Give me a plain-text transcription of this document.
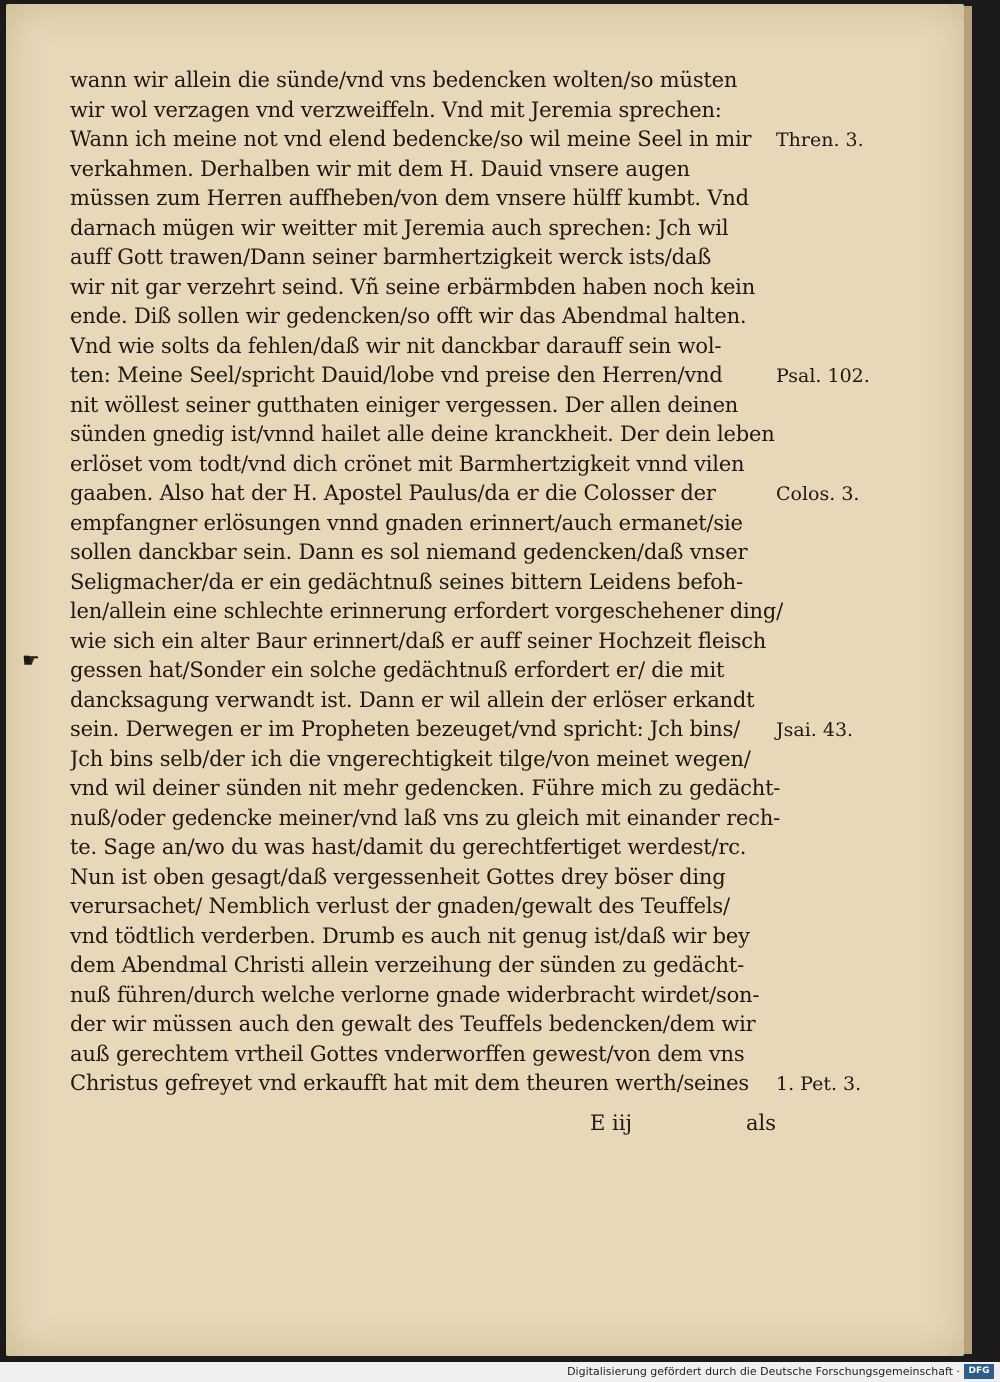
wann wir allein die sünde/vnd vns bedencken wolten/so müsten
wir wol verzagen vnd verzweiffeln. Vnd mit Jeremia sprechen:
Wann ich meine not vnd elend bedencke/so wil meine Seel in mir
verkahmen. Derhalben wir mit dem H. Dauid vnsere augen
müssen zum Herren auffheben/von dem vnsere hülff kumbt. Vnd
darnach mügen wir weitter mit Jeremia auch sprechen: Jch wil
auff Gott trawen/Dann seiner barmhertzigkeit werck ists/daß
wir nit gar verzehrt seind. Vñ seine erbärmbden haben noch kein
ende. Diß sollen wir gedencken/so offt wir das Abendmal halten.
Vnd wie solts da fehlen/daß wir nit danckbar darauff sein wol-
ten: Meine Seel/spricht Dauid/lobe vnd preise den Herren/vnd
nit wöllest seiner gutthaten einiger vergessen. Der allen deinen
sünden gnedig ist/vnnd hailet alle deine kranckheit. Der dein leben
erlöset vom todt/vnd dich crönet mit Barmhertzigkeit vnnd vilen
gaaben. Also hat der H. Apostel Paulus/da er die Colosser der
empfangner erlösungen vnnd gnaden erinnert/auch ermanet/sie
sollen danckbar sein. Dann es sol niemand gedencken/daß vnser
Seligmacher/da er ein gedächtnuß seines bittern Leidens befoh-
len/allein eine schlechte erinnerung erfordert vorgeschehener ding/
wie sich ein alter Baur erinnert/daß er auff seiner Hochzeit fleisch
gessen hat/Sonder ein solche gedächtnuß erfordert er/ die mit
dancksagung verwandt ist. Dann er wil allein der erlöser erkandt
sein. Derwegen er im Propheten bezeuget/vnd spricht: Jch bins/
Jch bins selb/der ich die vngerechtigkeit tilge/von meinet wegen/
vnd wil deiner sünden nit mehr gedencken. Führe mich zu gedächt-
nuß/oder gedencke meiner/vnd laß vns zu gleich mit einander rech-
te. Sage an/wo du was hast/damit du gerechtfertiget werdest/rc.
Nun ist oben gesagt/daß vergessenheit Gottes drey böser ding
verursachet/ Nemblich verlust der gnaden/gewalt des Teuffels/
vnd tödtlich verderben. Drumb es auch nit genug ist/daß wir bey
dem Abendmal Christi allein verzeihung der sünden zu gedächt-
nuß führen/durch welche verlorne gnade widerbracht wirdet/son-
der wir müssen auch den gewalt des Teuffels bedencken/dem wir
auß gerechtem vrtheil Gottes vnderworffen gewest/von dem vns
Christus gefreyet vnd erkaufft hat mit dem theuren werth/seines
Thren. 3.
Psal. 102.
Colos. 3.
Jsai. 43.
1. Pet. 3.
☛
E iij	als
Digitalisierung gefördert durch die Deutsche Forschungsgemeinschaft · DFG
